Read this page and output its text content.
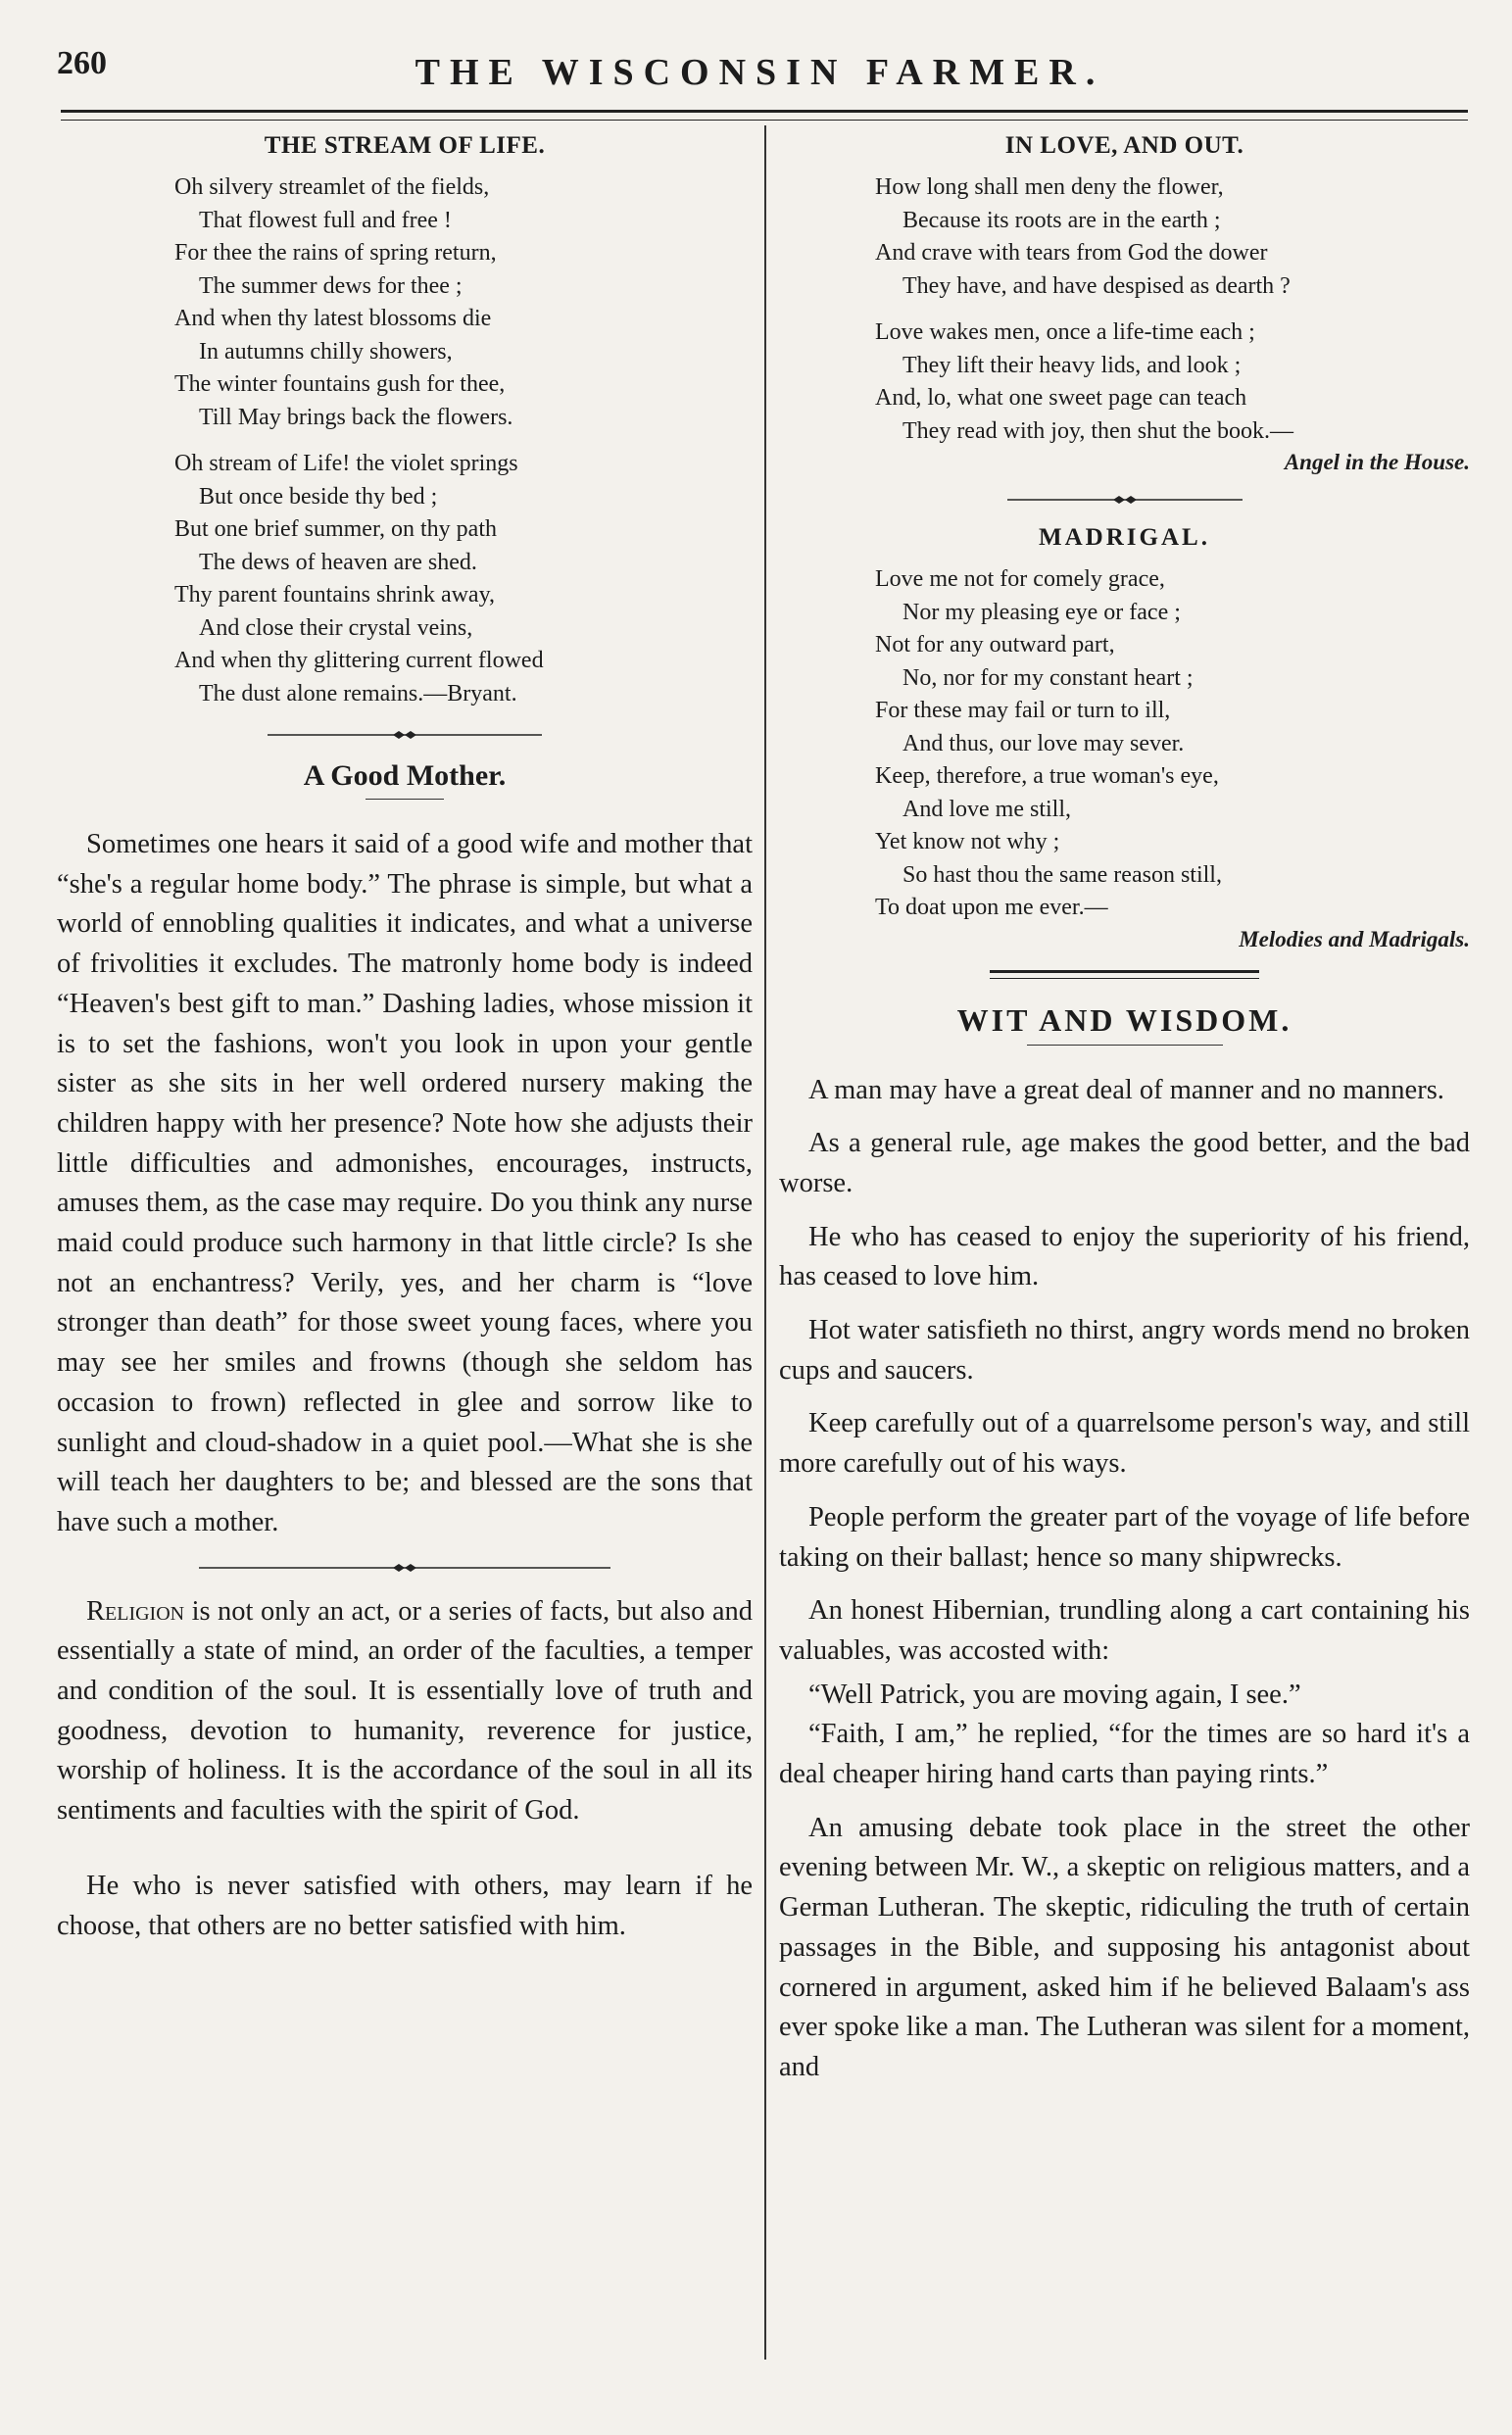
260	THE WISCONSIN FARMER.
THE STREAM OF LIFE.
Oh silvery streamlet of the fields,
That flowest full and free !
For thee the rains of spring return,
The summer dews for thee ;
And when thy latest blossoms die
In autumns chilly showers,
The winter fountains gush for thee,
Till May brings back the flowers.
Oh stream of Life! the violet springs
But once beside thy bed ;
But one brief summer, on thy path
The dews of heaven are shed.
Thy parent fountains shrink away,
And close their crystal veins,
And when thy glittering current flowed
The dust alone remains.—Bryant.
A Good Mother.

Sometimes one hears it said of a good wife and mother that “she's a regular home body.” The phrase is simple, but what a world of ennobling qualities it indicates, and what a universe of frivolities it excludes. The matronly home body is indeed “Heaven's best gift to man.” Dashing ladies, whose mission it is to set the fashions, won't you look in upon your gentle sister as she sits in her well ordered nursery making the children happy with her presence? Note how she adjusts their little difficulties and admonishes, encourages, instructs, amuses them, as the case may require. Do you think any nurse maid could produce such harmony in that little circle? Is she not an enchantress? Verily, yes, and her charm is “love stronger than death” for those sweet young faces, where you may see her smiles and frowns (though she seldom has occasion to frown) reflected in glee and sorrow like to sunlight and cloud-shadow in a quiet pool.—What she is she will teach her daughters to be; and blessed are the sons that have such a mother.

Religion is not only an act, or a series of facts, but also and essentially a state of mind, an order of the faculties, a temper and condition of the soul. It is essentially love of truth and goodness, devotion to humanity, reverence for justice, worship of holiness. It is the accordance of the soul in all its sentiments and faculties with the spirit of God.

He who is never satisfied with others, may learn if he choose, that others are no better satisfied with him.

IN LOVE, AND OUT.
How long shall men deny the flower,
Because its roots are in the earth ;
And crave with tears from God the dower
They have, and have despised as dearth ?
Love wakes men, once a life-time each ;
They lift their heavy lids, and look ;
And, lo, what one sweet page can teach
They read with joy, then shut the book.—
Angel in the House.
MADRIGAL.
Love me not for comely grace,
Nor my pleasing eye or face ;
Not for any outward part,
No, nor for my constant heart ;
For these may fail or turn to ill,
And thus, our love may sever.
Keep, therefore, a true woman's eye,
And love me still,
Yet know not why ;
So hast thou the same reason still,
To doat upon me ever.—
Melodies and Madrigals.
WIT AND WISDOM.

A man may have a great deal of manner and no manners.

As a general rule, age makes the good better, and the bad worse.

He who has ceased to enjoy the superiority of his friend, has ceased to love him.

Hot water satisfieth no thirst, angry words mend no broken cups and saucers.

Keep carefully out of a quarrelsome person's way, and still more carefully out of his ways.

People perform the greater part of the voyage of life before taking on their ballast; hence so many shipwrecks.

An honest Hibernian, trundling along a cart containing his valuables, was accosted with:

“Well Patrick, you are moving again, I see.”

“Faith, I am,” he replied, “for the times are so hard it's a deal cheaper hiring hand carts than paying rints.”

An amusing debate took place in the street the other evening between Mr. W., a skeptic on religious matters, and a German Lutheran. The skeptic, ridiculing the truth of certain passages in the Bible, and supposing his antagonist about cornered in argument, asked him if he believed Balaam's ass ever spoke like a man. The Lutheran was silent for a moment, and
